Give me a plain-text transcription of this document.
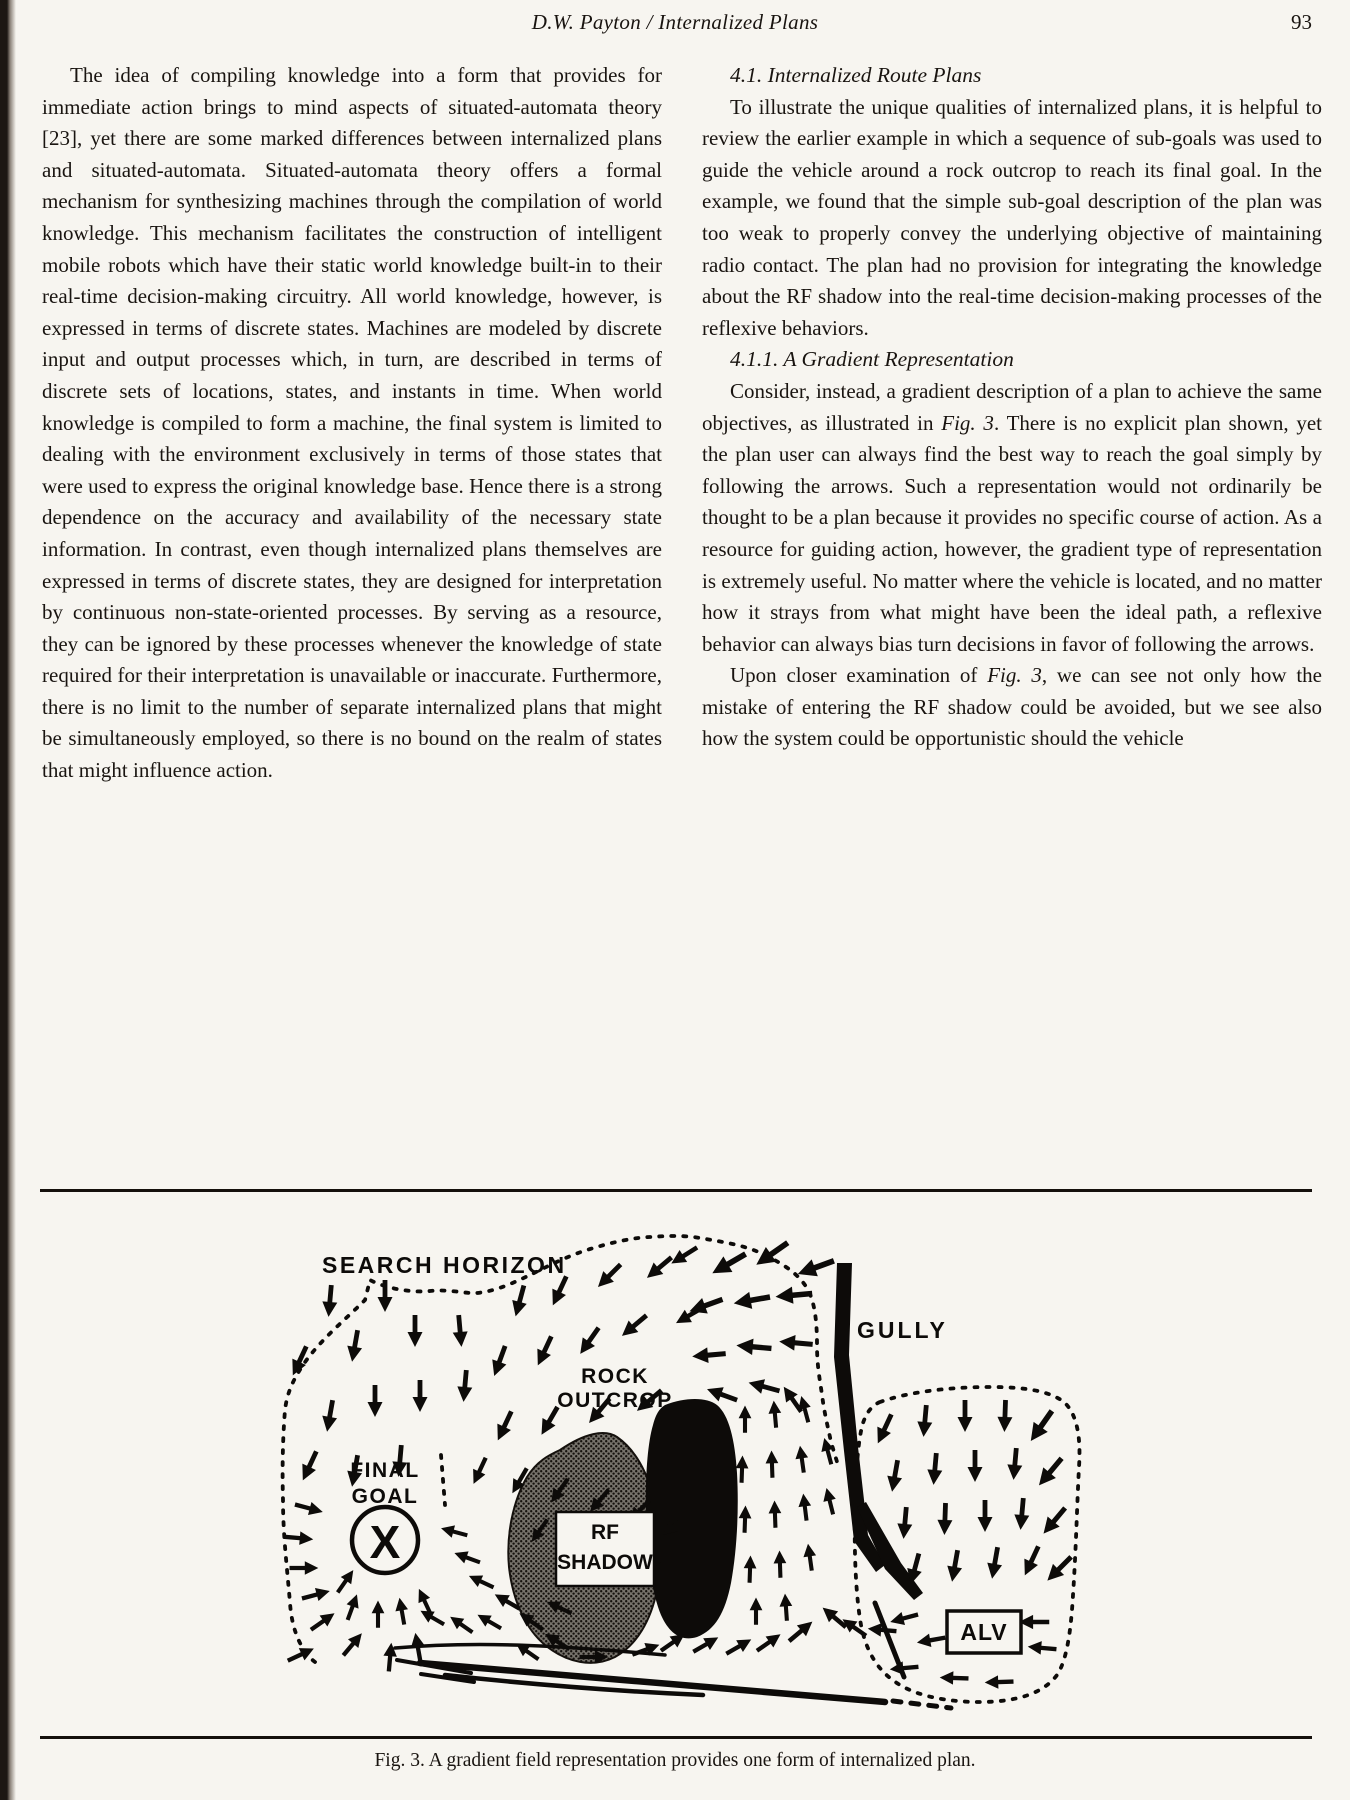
D.W. Payton / Internalized Plans	93

The idea of compiling knowledge into a form that provides for immediate action brings to mind aspects of situated-automata theory [23], yet there are some marked differences between internalized plans and situated-automata. Situated-automata theory offers a formal mechanism for synthesizing machines through the compilation of world knowledge. This mechanism facilitates the construction of intelligent mobile robots which have their static world knowledge built-in to their real-time decision-making circuitry. All world knowledge, however, is expressed in terms of discrete states. Machines are modeled by discrete input and output processes which, in turn, are described in terms of discrete sets of locations, states, and instants in time. When world knowledge is compiled to form a machine, the final system is limited to dealing with the environment exclusively in terms of those states that were used to express the original knowledge base. Hence there is a strong dependence on the accuracy and availability of the necessary state information. In contrast, even though internalized plans themselves are expressed in terms of discrete states, they are designed for interpretation by continuous non-state-oriented processes. By serving as a resource, they can be ignored by these processes whenever the knowledge of state required for their interpretation is unavailable or inaccurate. Furthermore, there is no limit to the number of separate internalized plans that might be simultaneously employed, so there is no bound on the realm of states that might influence action.

4.1. Internalized Route Plans

To illustrate the unique qualities of internalized plans, it is helpful to review the earlier example in which a sequence of sub-goals was used to guide the vehicle around a rock outcrop to reach its final goal. In the example, we found that the simple sub-goal description of the plan was too weak to properly convey the underlying objective of maintaining radio contact. The plan had no provision for integrating the knowledge about the RF shadow into the real-time decision-making processes of the reflexive behaviors.

4.1.1. A Gradient Representation

Consider, instead, a gradient description of a plan to achieve the same objectives, as illustrated in Fig. 3. There is no explicit plan shown, yet the plan user can always find the best way to reach the goal simply by following the arrows. Such a representation would not ordinarily be thought to be a plan because it provides no specific course of action. As a resource for guiding action, however, the gradient type of representation is extremely useful. No matter where the vehicle is located, and no matter how it strays from what might have been the ideal path, a reflexive behavior can always bias turn decisions in favor of following the arrows.

Upon closer examination of Fig. 3, we can see not only how the mistake of entering the RF shadow could be avoided, but we see also how the system could be opportunistic should the vehicle

X
SEARCH HORIZON
GULLY
ROCK
OUTCROP
FINAL
GOAL
RF
SHADOW
ALV
Fig. 3. A gradient field representation provides one form of internalized plan.
